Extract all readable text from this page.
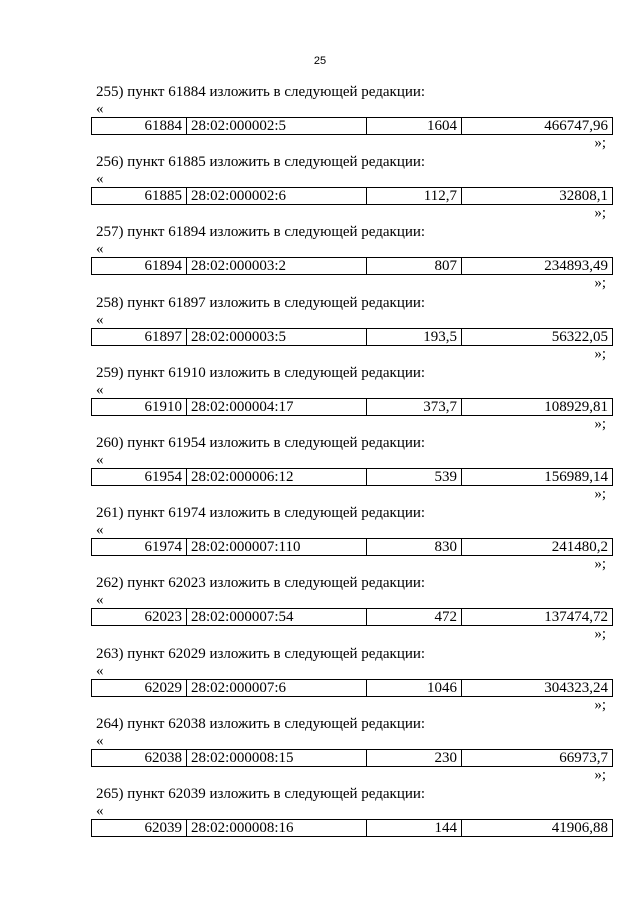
25
255) пункт 61884 изложить в следующей редакции:
«
61884	28:02:000002:5	1604	466747,96
»;
256) пункт 61885 изложить в следующей редакции:
«
61885	28:02:000002:6	112,7	32808,1
»;
257) пункт 61894 изложить в следующей редакции:
«
61894	28:02:000003:2	807	234893,49
»;
258) пункт 61897 изложить в следующей редакции:
«
61897	28:02:000003:5	193,5	56322,05
»;
259) пункт 61910 изложить в следующей редакции:
«
61910	28:02:000004:17	373,7	108929,81
»;
260) пункт 61954 изложить в следующей редакции:
«
61954	28:02:000006:12	539	156989,14
»;
261) пункт 61974 изложить в следующей редакции:
«
61974	28:02:000007:110	830	241480,2
»;
262) пункт 62023 изложить в следующей редакции:
«
62023	28:02:000007:54	472	137474,72
»;
263) пункт 62029 изложить в следующей редакции:
«
62029	28:02:000007:6	1046	304323,24
»;
264) пункт 62038 изложить в следующей редакции:
«
62038	28:02:000008:15	230	66973,7
»;
265) пункт 62039 изложить в следующей редакции:
«
62039	28:02:000008:16	144	41906,88
